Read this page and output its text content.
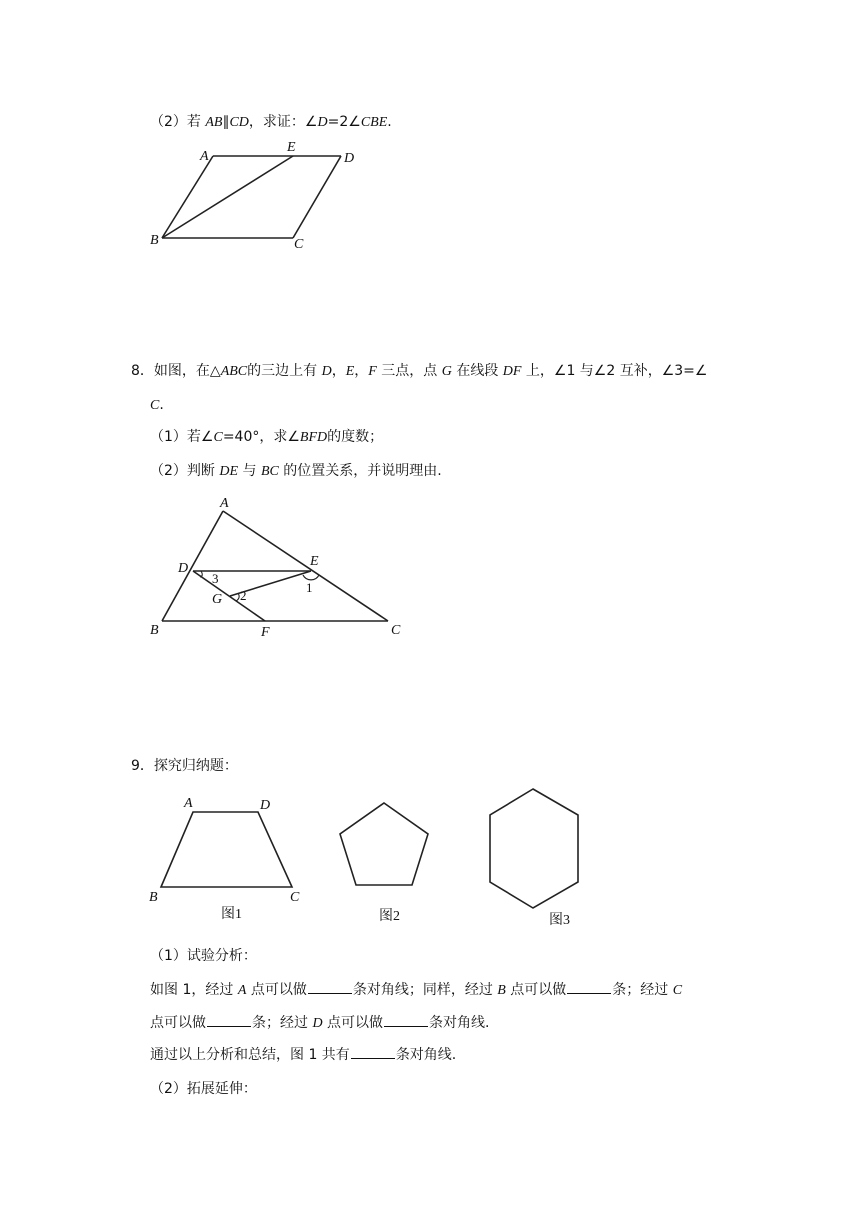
（2）若 AB∥CD，求证：∠D=2∠CBE.
A
E
D
B	C
8．如图，在△ABC的三边上有 D，E，F 三点，点 G 在线段 DF 上，∠1 与∠2 互补，∠3=∠
C.
（1）若∠C=40°，求∠BFD的度数；
（2）判断 DE 与 BC 的位置关系，并说明理由.
A
D	E
G
B	F	C
1
2
3
9．探究归纳题：
A	D
B	C
图1	图2	图3
（1）试验分析：
如图 1，经过 A 点可以做	条对角线；同样，经过 B 点可以做	条；经过 C
点可以做	条；经过 D 点可以做	条对角线.
通过以上分析和总结，图 1 共有	条对角线.
（2）拓展延伸：
